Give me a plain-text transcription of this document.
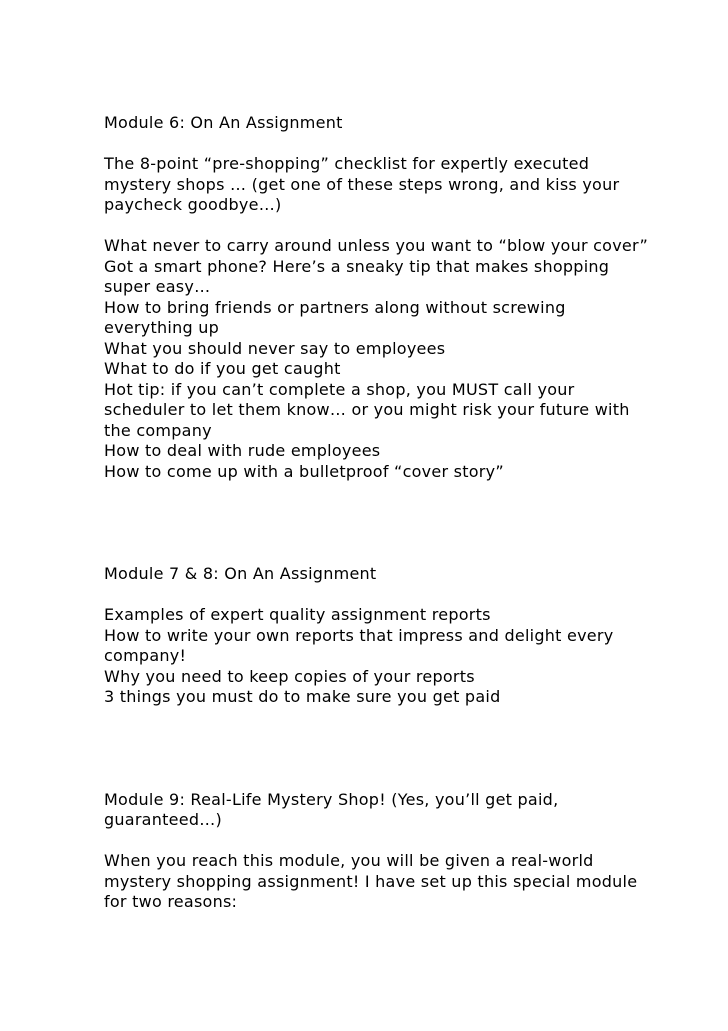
Module 6: On An Assignment
The 8-point “pre-shopping” checklist for expertly executed
mystery shops … (get one of these steps wrong, and kiss your
paycheck goodbye…)
What never to carry around unless you want to “blow your cover”
Got a smart phone? Here’s a sneaky tip that makes shopping
super easy…
How to bring friends or partners along without screwing
everything up
What you should never say to employees
What to do if you get caught
Hot tip: if you can’t complete a shop, you MUST call your
scheduler to let them know… or you might risk your future with
the company
How to deal with rude employees
How to come up with a bulletproof “cover story”
Module 7 & 8: On An Assignment
Examples of expert quality assignment reports
How to write your own reports that impress and delight every
company!
Why you need to keep copies of your reports
3 things you must do to make sure you get paid
Module 9: Real-Life Mystery Shop! (Yes, you’ll get paid,
guaranteed…)
When you reach this module, you will be given a real-world
mystery shopping assignment! I have set up this special module
for two reasons:
